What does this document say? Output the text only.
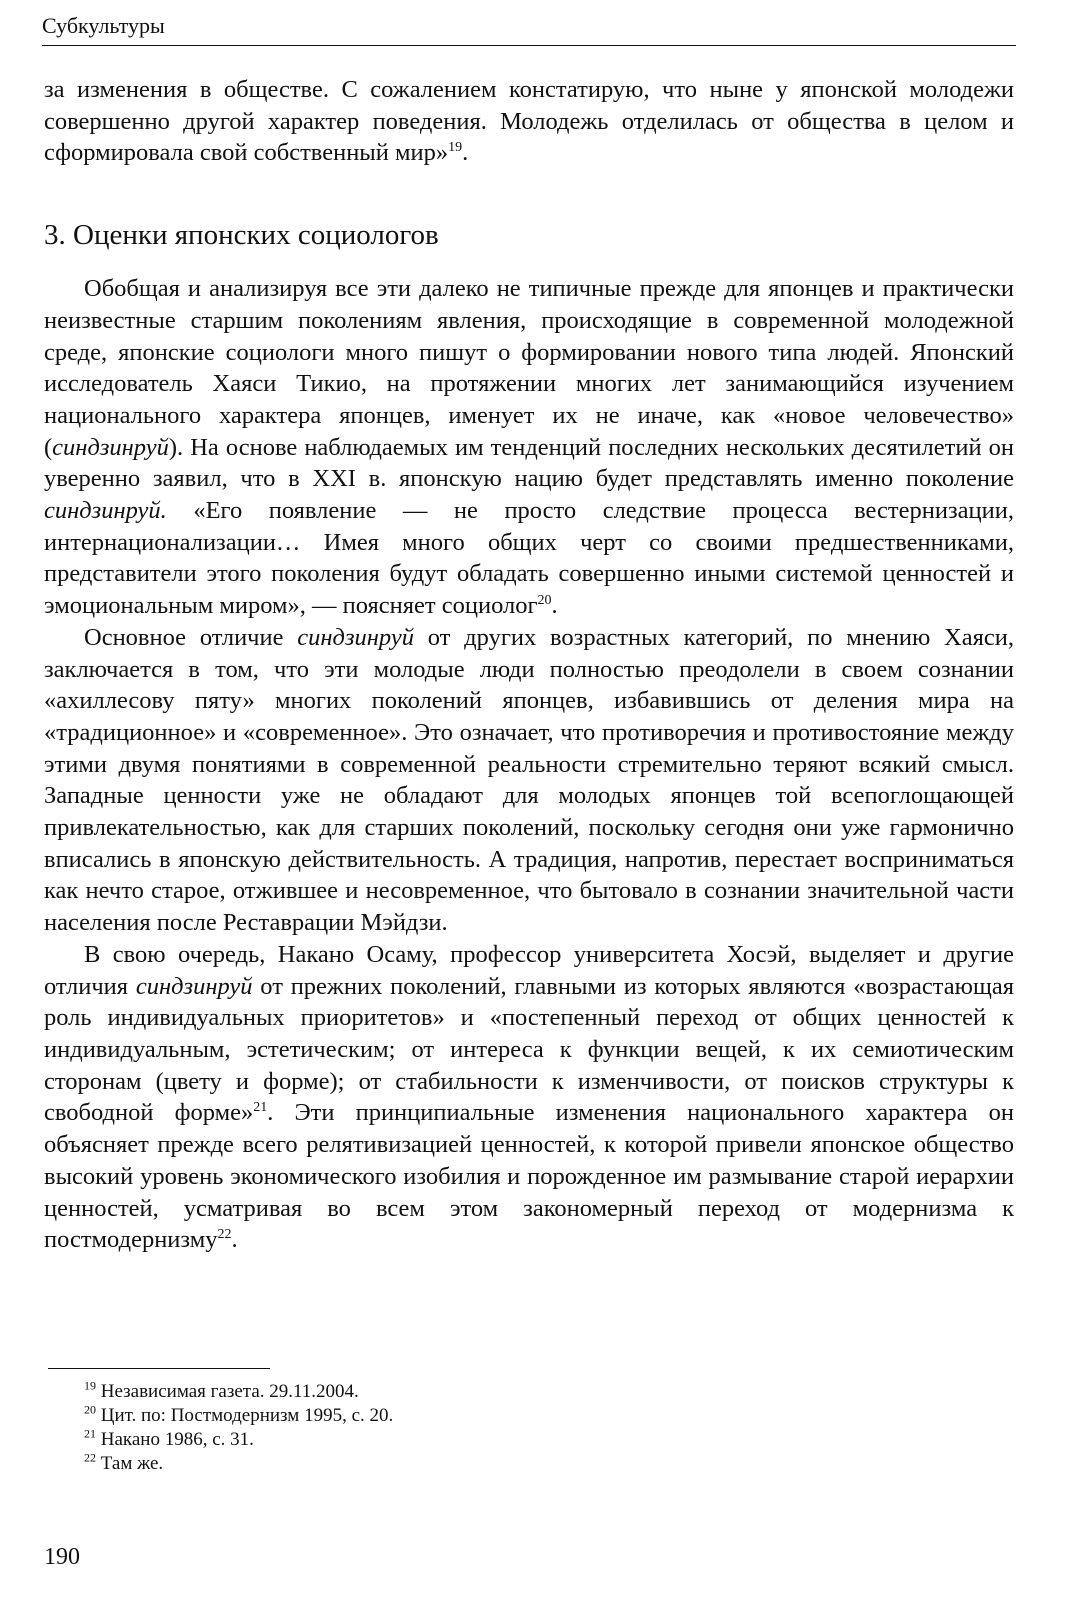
Субкультуры

за изменения в обществе. С сожалением констатирую, что ныне у японской молодежи совершенно другой характер поведения. Молодежь отделилась от общества в целом и сформировала свой собственный мир»$^{19}$.

3. Оценки японских социологов

Обобщая и анализируя все эти далеко не типичные прежде для японцев и практически неизвестные старшим поколениям явления, происходящие в современной молодежной среде, японские социологи много пишут о формировании нового типа людей. Японский исследователь Хаяси Тикио, на протяжении многих лет занимающийся изучением национального характера японцев, именует их не иначе, как «новое человечество» (синдзинруй). На основе наблюдаемых им тенденций последних нескольких десятилетий он уверенно заявил, что в XXI в. японскую нацию будет представлять именно поколение синдзинруй. «Его появление — не просто следствие процесса вестернизации, интернационализации… Имея много общих черт со своими предшественниками, представители этого поколения будут обладать совершенно иными системой ценностей и эмоциональным миром», — поясняет социолог$^{20}$.

Основное отличие синдзинруй от других возрастных категорий, по мнению Хаяси, заключается в том, что эти молодые люди полностью преодолели в своем сознании «ахиллесову пяту» многих поколений японцев, избавившись от деления мира на «традиционное» и «современное». Это означает, что противоречия и противостояние между этими двумя понятиями в современной реальности стремительно теряют всякий смысл. Западные ценности уже не обладают для молодых японцев той всепоглощающей привлекательностью, как для старших поколений, поскольку сегодня они уже гармонично вписались в японскую действительность. А традиция, напротив, перестает восприниматься как нечто старое, отжившее и несовременное, что бытовало в сознании значительной части населения после Реставрации Мэйдзи.

В свою очередь, Накано Осаму, профессор университета Хосэй, выделяет и другие отличия синдзинруй от прежних поколений, главными из которых являются «возрастающая роль индивидуальных приоритетов» и «постепенный переход от общих ценностей к индивидуальным, эстетическим; от интереса к функции вещей, к их семиотическим сторонам (цвету и форме); от стабильности к изменчивости, от поисков структуры к свободной форме»$^{21}$. Эти принципиальные изменения национального характера он объясняет прежде всего релятивизацией ценностей, к которой привели японское общество высокий уровень экономического изобилия и порожденное им размывание старой иерархии ценностей, усматривая во всем этом закономерный переход от модернизма к постмодернизму$^{22}$.

$^{19}$ Независимая газета. 29.11.2004.
$^{20}$ Цит. по: Постмодернизм 1995, с. 20.
$^{21}$ Накано 1986, с. 31.
$^{22}$ Там же.
190
